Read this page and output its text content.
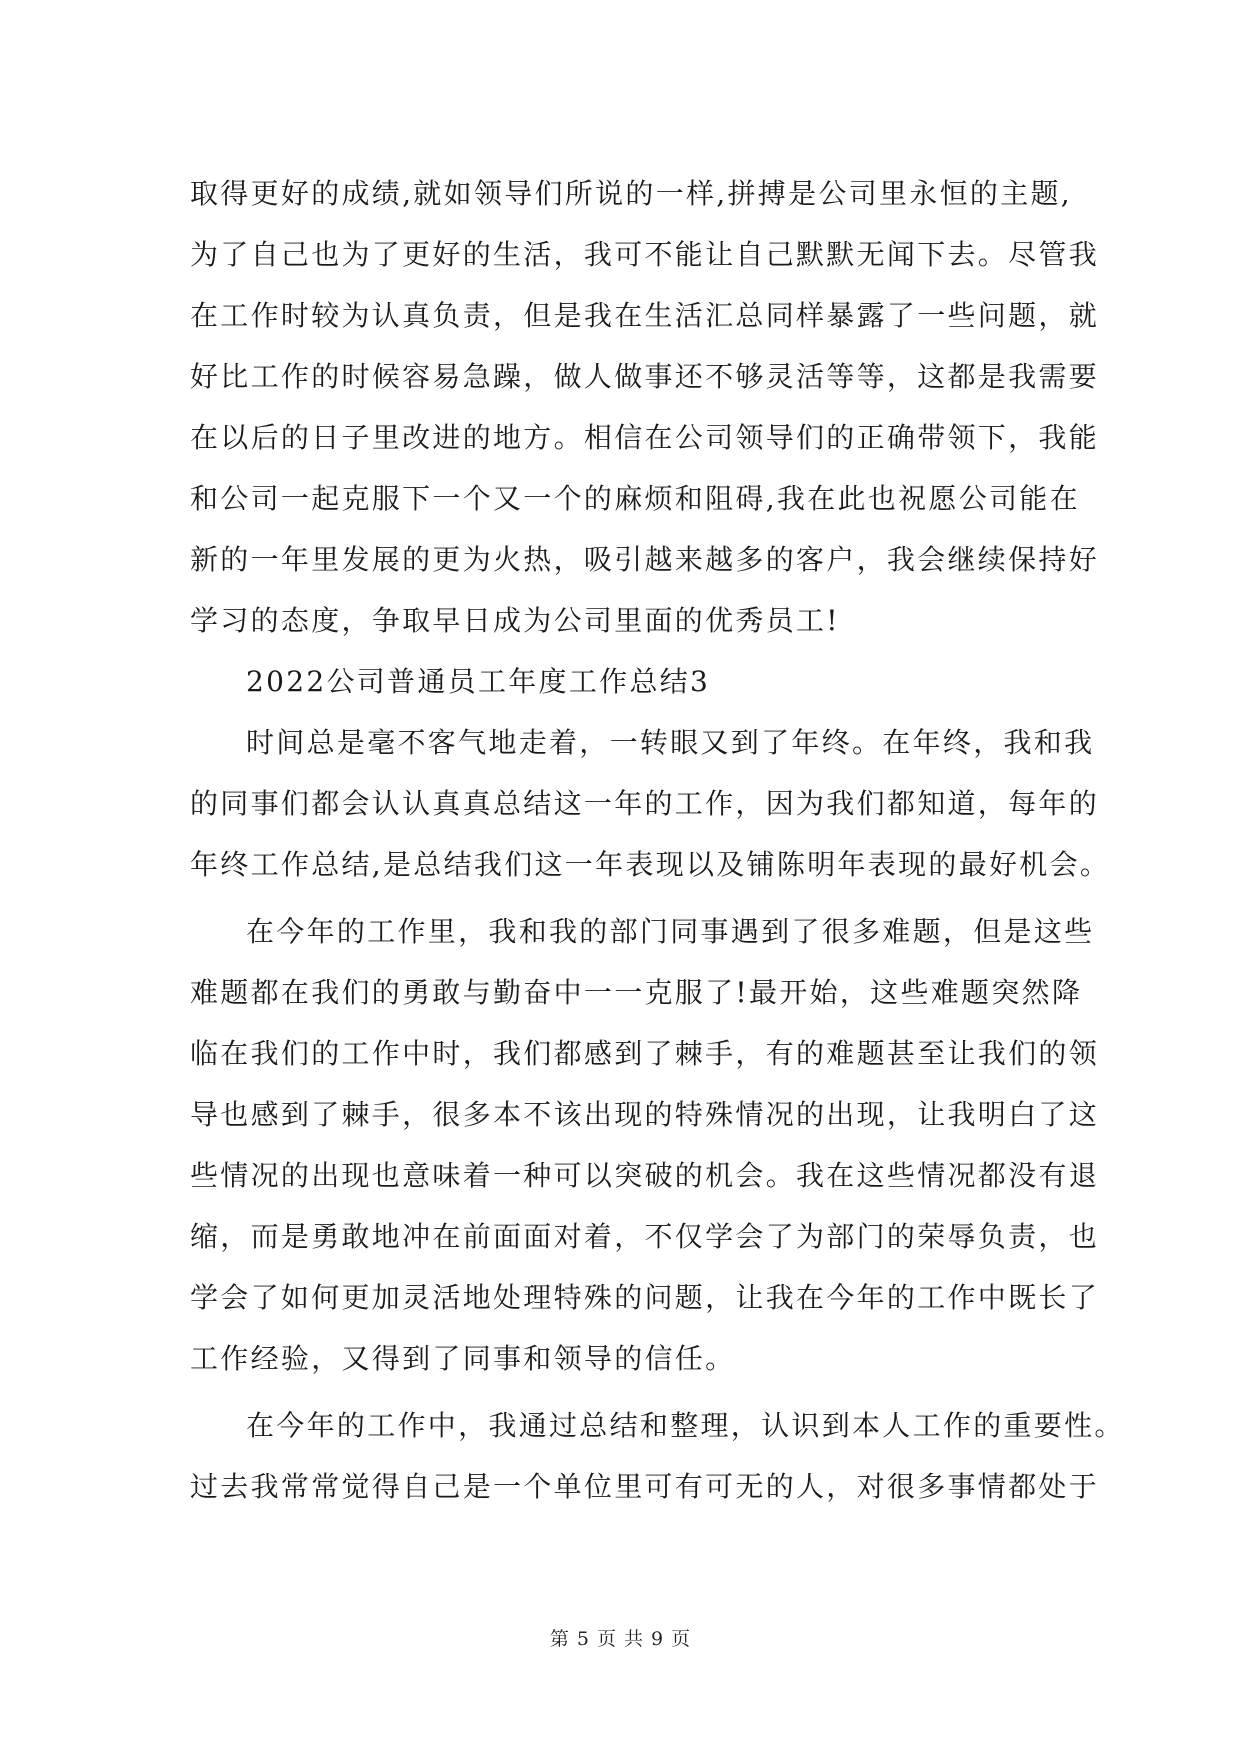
取得更好的成绩,就如领导们所说的一样,拼搏是公司里永恒的主题,
为了自己也为了更好的生活，我可不能让自己默默无闻下去。尽管我
在工作时较为认真负责，但是我在生活汇总同样暴露了一些问题，就
好比工作的时候容易急躁，做人做事还不够灵活等等，这都是我需要
在以后的日子里改进的地方。相信在公司领导们的正确带领下，我能
和公司一起克服下一个又一个的麻烦和阻碍,我在此也祝愿公司能在
新的一年里发展的更为火热，吸引越来越多的客户，我会继续保持好
学习的态度，争取早日成为公司里面的优秀员工!
2022公司普通员工年度工作总结3
时间总是毫不客气地走着，一转眼又到了年终。在年终，我和我
的同事们都会认认真真总结这一年的工作，因为我们都知道，每年的
年终工作总结,是总结我们这一年表现以及铺陈明年表现的最好机会。
在今年的工作里，我和我的部门同事遇到了很多难题，但是这些
难题都在我们的勇敢与勤奋中一一克服了!最开始，这些难题突然降
临在我们的工作中时，我们都感到了棘手，有的难题甚至让我们的领
导也感到了棘手，很多本不该出现的特殊情况的出现，让我明白了这
些情况的出现也意味着一种可以突破的机会。我在这些情况都没有退
缩，而是勇敢地冲在前面面对着，不仅学会了为部门的荣辱负责，也
学会了如何更加灵活地处理特殊的问题，让我在今年的工作中既长了
工作经验，又得到了同事和领导的信任。
在今年的工作中，我通过总结和整理，认识到本人工作的重要性。
过去我常常觉得自己是一个单位里可有可无的人，对很多事情都处于
第 5 页 共 9 页
